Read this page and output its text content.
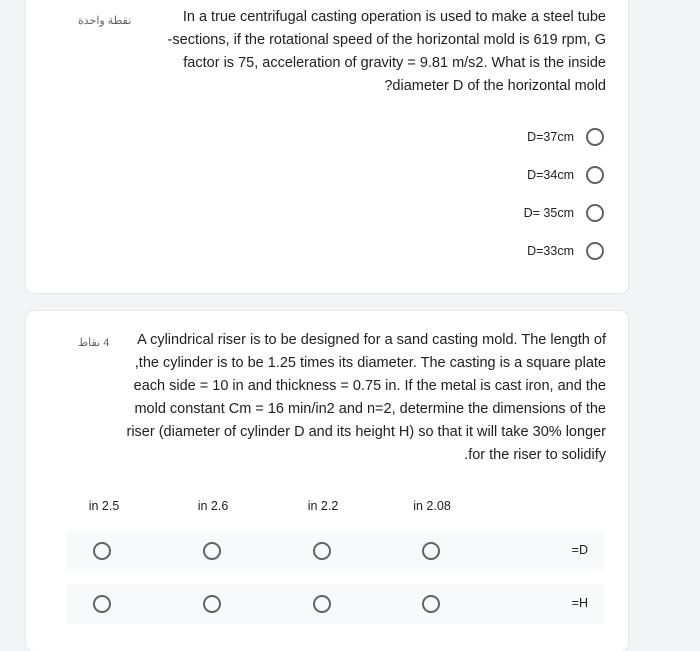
نقطة واحدة	In a true centrifugal casting operation is used to make a steel tube
sections, if the rotational speed of the horizontal mold is 619 rpm, G-
factor is 75, acceleration of gravity = 9.81 m/s2. What is the inside
diameter D of the horizontal mold?
D=37cm
D=34cm
D= 35cm
D=33cm
4 نقاط	A cylindrical riser is to be designed for a sand casting mold. The length of
the cylinder is to be 1.25 times its diameter. The casting is a square plate,
each side = 10 in and thickness = 0.75 in. If the metal is cast iron, and the
mold constant Cm = 16 min/in2 and n=2, determine the dimensions of the
riser (diameter of cylinder D and its height H) so that it will take 30% longer
for the riser to solidify.
in 2.5	in 2.6	in 2.2	in 2.08
D=
H=
